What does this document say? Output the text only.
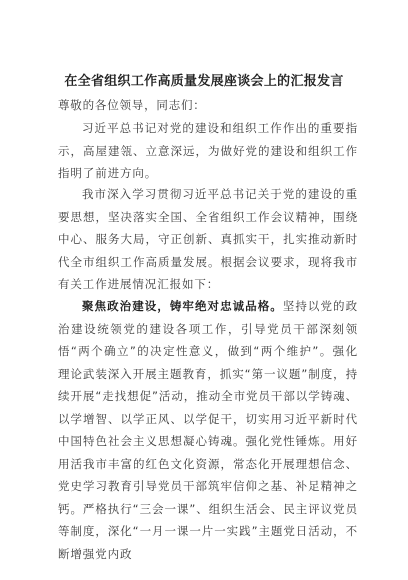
在全省组织工作高质量发展座谈会上的汇报发言
尊敬的各位领导，同志们：

习近平总书记对党的建设和组织工作作出的重要指示，高屋建瓴、立意深远，为做好党的建设和组织工作指明了前进方向。

我市深入学习贯彻习近平总书记关于党的建设的重要思想，坚决落实全国、全省组织工作会议精神，围绕中心、服务大局，守正创新、真抓实干，扎实推动新时代全市组织工作高质量发展。根据会议要求，现将我市有关工作进展情况汇报如下：

聚焦政治建设，铸牢绝对忠诚品格。坚持以党的政治建设统领党的建设各项工作，引导党员干部深刻领悟“两个确立”的决定性意义，做到“两个维护”。强化理论武装深入开展主题教育，抓实“第一议题”制度，持续开展“走找想促”活动，推动全市党员干部以学铸魂、以学增智、以学正风、以学促干，切实用习近平新时代中国特色社会主义思想凝心铸魂。强化党性锤炼。用好用活我市丰富的红色文化资源，常态化开展理想信念、党史学习教育引导党员干部筑牢信仰之基、补足精神之钙。严格执行“三会一课”、组织生活会、民主评议党员等制度，深化“一月一课一片一实践”主题党日活动，不断增强党内政
